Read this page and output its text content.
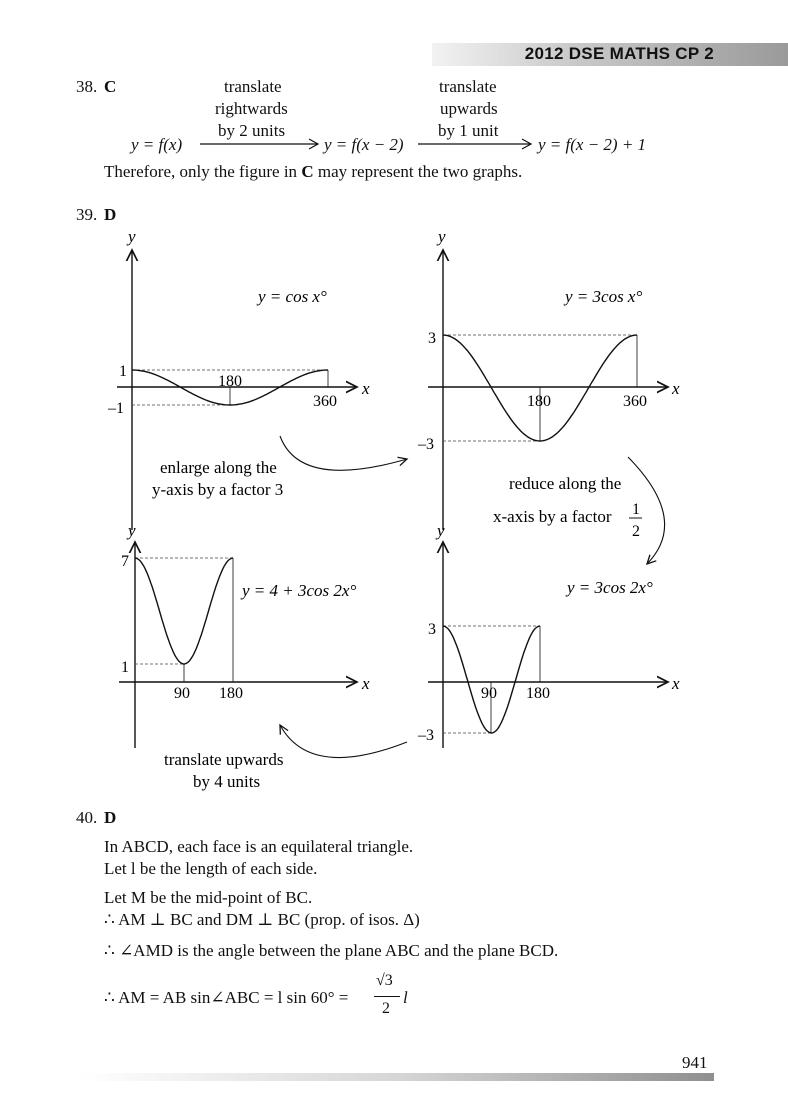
2012 DSE MATHS CP 2
38. C	translate
rightwards
by 2 units
translate
upwards
by 1 unit
y = f(x)	y = f(x − 2)	y = f(x − 2) + 1
Therefore, only the figure in C may represent the two graphs.
39. D
y
x
y = cos x°
1
–1
180
360
y
x
y = 3cos x°
3
–3
180	360
y
x
y = 4 + 3cos 2x°
7
1
90 180
y
x
y = 3cos 2x°
3
–3
90 180
enlarge along the
y-axis by a factor 3	reduce along the
x-axis by a factor 1
2
translate upwards
by 4 units
40. D
In ABCD, each face is an equilateral triangle.
Let l be the length of each side.
Let M be the mid-point of BC.
∴ AM ⊥ BC and DM ⊥ BC (prop. of isos. Δ)
∴ ∠AMD is the angle between the plane ABC and the plane BCD.
∴ AM = AB sin∠ABC = l sin 60° =
√3
2
l
941
